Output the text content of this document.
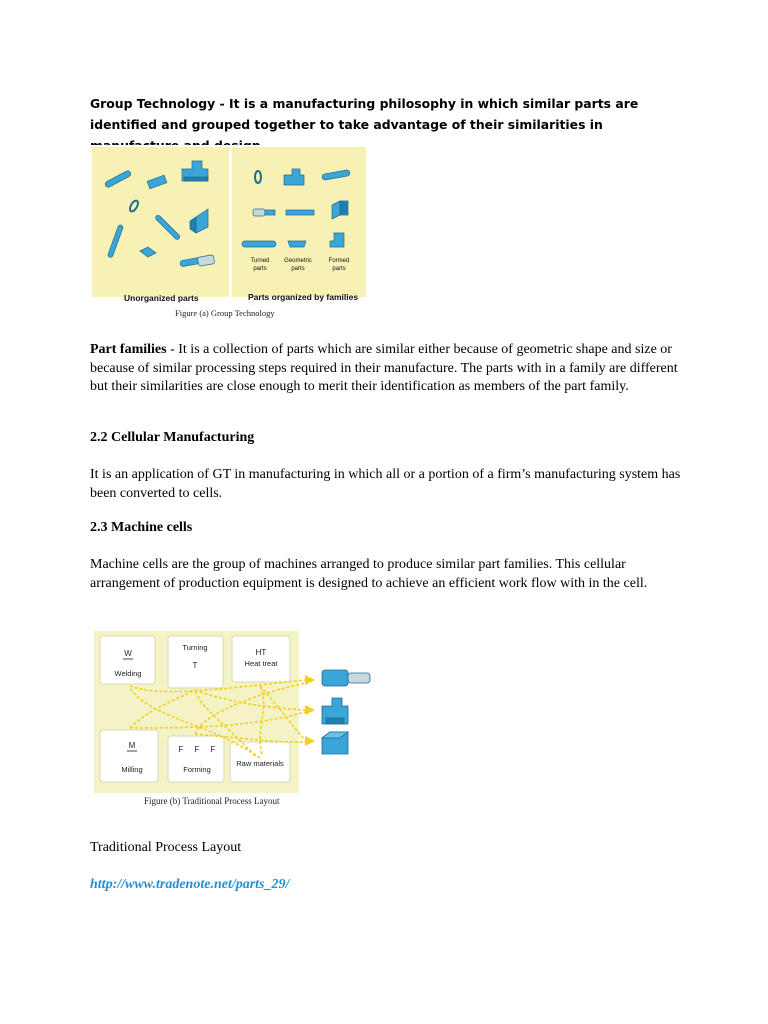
Group Technology - It is a manufacturing philosophy in which similar parts are identified and grouped together to take advantage of their similarities in
Turned
parts
Geometric
parts
Formed
parts
Unorganized parts	Parts organized by families
Figure (a) Group Technology
Part families - It is a collection of parts which are similar either because of geometric shape and size or because of similar processing steps required in their manufacture. The parts with in a family are different but their similarities are close enough to merit their identification as members of the part family.
2.2 Cellular Manufacturing
It is an application of GT in manufacturing in which all or a portion of a firm’s manufacturing system has been converted to cells.
2.3 Machine cells
Machine cells are the group of machines arranged to produce similar part families. This cellular arrangement of production equipment is designed to achieve an efficient work flow with in the cell.
W
Welding
Turning
T
HT
Heat treat
M
Milling
F F F
Forming
Raw materials
Figure (b) Traditional Process Layout
Traditional Process Layout
http://www.tradenote.net/parts_29/
